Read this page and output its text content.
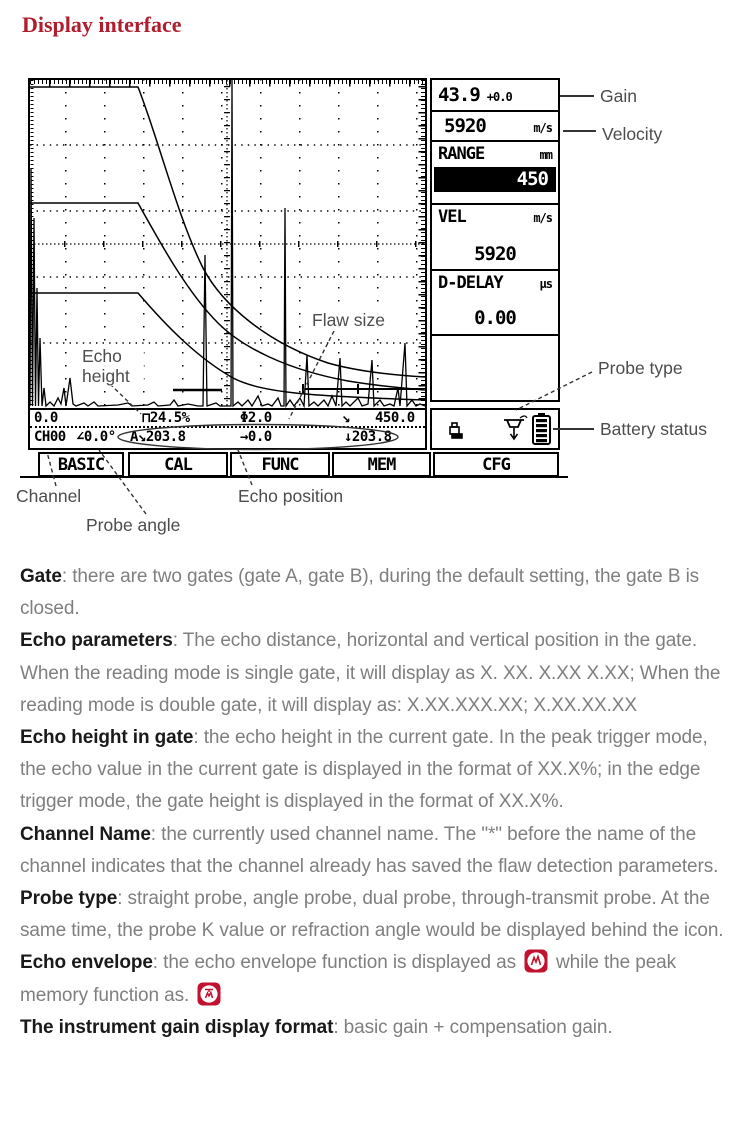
Display interface
0.0	⊓24.5%	Φ2.0	↘ 450.0
CH00 ∠0.0° A↘203.8	→0.0	↓203.8
43.9 +0.0
5920	m/s
RANGE	mm
450
VEL	m/s
5920
D-DELAY	μs
0.00
BASIC	CAL	FUNC	MEM	CFG
Gain
Velocity
Probe type
Battery status
Channel
Probe angle
Echo position
Flaw size
Echo height
Gate: there are two gates (gate A, gate B), during the default setting, the gate B is closed.
Echo parameters: The echo distance, horizontal and vertical position in the gate. When the reading mode is single gate, it will display as X. XX. X.XX X.XX; When the reading mode is double gate, it will display as: X.XX.XXX.XX; X.XX.XX.XX
Echo height in gate: the echo height in the current gate. In the peak trigger mode, the echo value in the current gate is displayed in the format of XX.X%; in the edge trigger mode, the gate height is displayed in the format of XX.X%.
Channel Name: the currently used channel name. The "*" before the name of the channel indicates that the channel already has saved the flaw detection parameters.
Probe type: straight probe, angle probe, dual probe, through-transmit probe. At the same time, the probe K value or refraction angle would be displayed behind the icon.
Echo envelope: the echo envelope function is displayed as while the peak memory function as.
The instrument gain display format: basic gain + compensation gain.
